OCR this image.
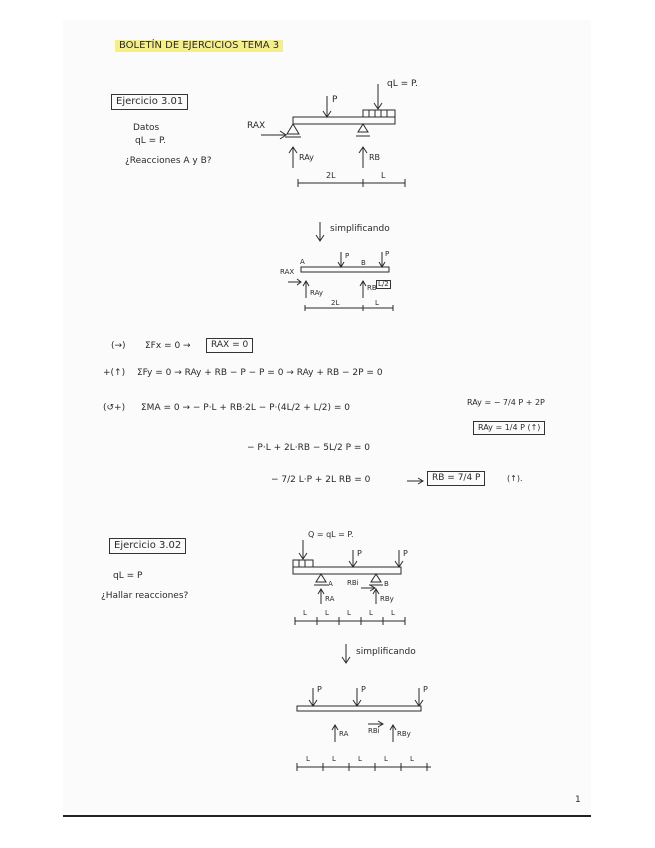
BOLETÍN DE EJERCICIOS TEMA 3
Ejercicio 3.01
Datos
qL = P.
¿Reacciones A y B?
qL = P.
P
RAX
RAy	RB
2L	L
simplificando
RAX
A
P
B
P
RAy
RB L/2
2L	L
(→) ΣFx = 0 →	RAX = 0
+(↑) ΣFy = 0 → RAy + RB − P − P = 0 → RAy + RB − 2P = 0
(↺+) ΣMA = 0 → − P·L + RB·2L − P·(4L/2 + L/2) = 0
RAy = − 7/4 P + 2P
RAy = 1/4 P (↑)
− P·L + 2L·RB − 5L/2 P = 0
− 7/2 L·P + 2L RB = 0	RB = 7/4 P	(↑).
Ejercicio 3.02
qL = P
¿Hallar reacciones?
Q = qL = P.
P	P
A
RA
RBi	B
RBy
L	L	L	L	L
simplificando
P	P	P
RA	RBi RBy
L	L	L	L	L
1
